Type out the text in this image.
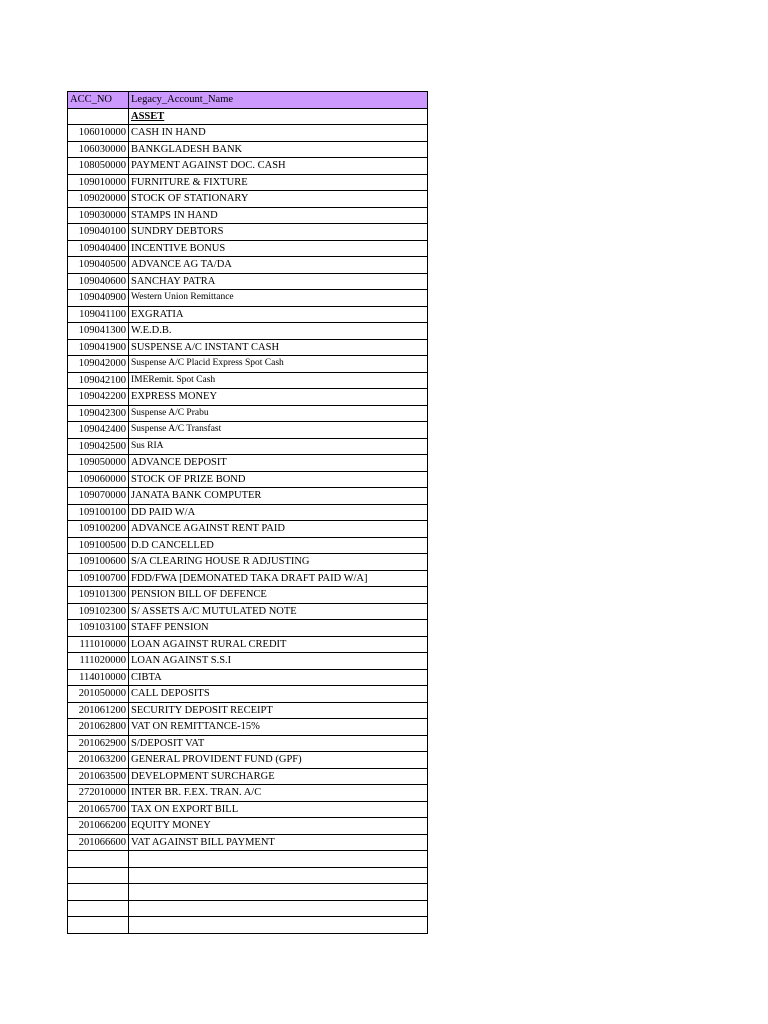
ACC_NO	Legacy_Account_Name
	ASSET
106010000	CASH IN HAND
106030000	BANKGLADESH BANK
108050000	PAYMENT AGAINST DOC. CASH
109010000	FURNITURE & FIXTURE
109020000	STOCK OF STATIONARY
109030000	STAMPS IN HAND
109040100	SUNDRY DEBTORS
109040400	INCENTIVE BONUS
109040500	ADVANCE AG TA/DA
109040600	SANCHAY PATRA
109040900	Western Union Remittance
109041100	EXGRATIA
109041300	W.E.D.B.
109041900	SUSPENSE A/C INSTANT CASH
109042000	Suspense A/C Placid Express Spot Cash
109042100	IMERemit. Spot Cash
109042200	EXPRESS MONEY
109042300	Suspense A/C Prabu
109042400	Suspense A/C Transfast
109042500	Sus RIA
109050000	ADVANCE DEPOSIT
109060000	STOCK OF PRIZE BOND
109070000	JANATA BANK COMPUTER
109100100	DD PAID W/A
109100200	ADVANCE AGAINST RENT PAID
109100500	D.D CANCELLED
109100600	S/A CLEARING HOUSE R ADJUSTING
109100700	FDD/FWA [DEMONATED TAKA DRAFT PAID W/A]
109101300	PENSION BILL OF DEFENCE
109102300	S/ ASSETS A/C MUTULATED NOTE
109103100	STAFF PENSION
111010000	LOAN AGAINST RURAL CREDIT
111020000	LOAN AGAINST S.S.I
114010000	CIBTA
201050000	CALL DEPOSITS
201061200	SECURITY DEPOSIT RECEIPT
201062800	VAT ON REMITTANCE-15%
201062900	S/DEPOSIT VAT
201063200	GENERAL PROVIDENT FUND (GPF)
201063500	DEVELOPMENT SURCHARGE
272010000	INTER BR. F.EX. TRAN. A/C
201065700	TAX ON EXPORT BILL
201066200	EQUITY MONEY
201066600	VAT AGAINST BILL PAYMENT
